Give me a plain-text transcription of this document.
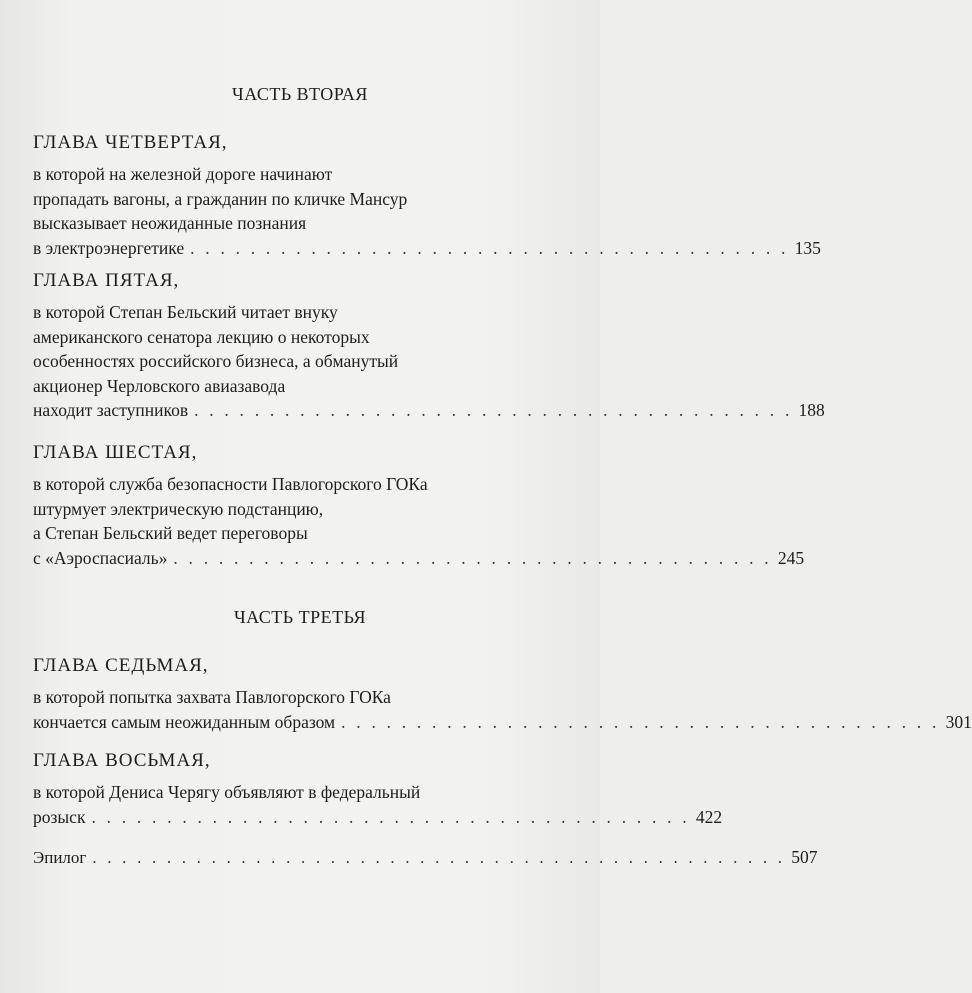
ЧАСТЬ ВТОРАЯ
ГЛАВА ЧЕТВЕРТАЯ,
в которой на железной дороге начинают
пропадать вагоны, а гражданин по кличке Мансур
высказывает неожиданные познания
в электроэнергетике . . . . . . . . . . . . . . . . . . . . . . . . . . . . . . . . . . . . . . . . 135
ГЛАВА ПЯТАЯ,
в которой Степан Бельский читает внуку
американского сенатора лекцию о некоторых
особенностях российского бизнеса, а обманутый
акционер Черловского авиазавода
находит заступников . . . . . . . . . . . . . . . . . . . . . . . . . . . . . . . . . . . . . . . . 188
ГЛАВА ШЕСТАЯ,
в которой служба безопасности Павлогорского ГОКа
штурмует электрическую подстанцию,
а Степан Бельский ведет переговоры
с «Аэроспасиаль» . . . . . . . . . . . . . . . . . . . . . . . . . . . . . . . . . . . . . . . . 245
ЧАСТЬ ТРЕТЬЯ
ГЛАВА СЕДЬМАЯ,
в которой попытка захвата Павлогорского ГОКа
кончается самым неожиданным образом . . . . . . . . . . . . . . . . . . . . . . . . . . . . . . . . . . . . . . . . 301
ГЛАВА ВОСЬМАЯ,
в которой Дениса Черягу объявляют в федеральный
розыск . . . . . . . . . . . . . . . . . . . . . . . . . . . . . . . . . . . . . . . . 422
Эпилог . . . . . . . . . . . . . . . . . . . . . . . . . . . . . . . . . . . . . . . . . . . . . . . 507
